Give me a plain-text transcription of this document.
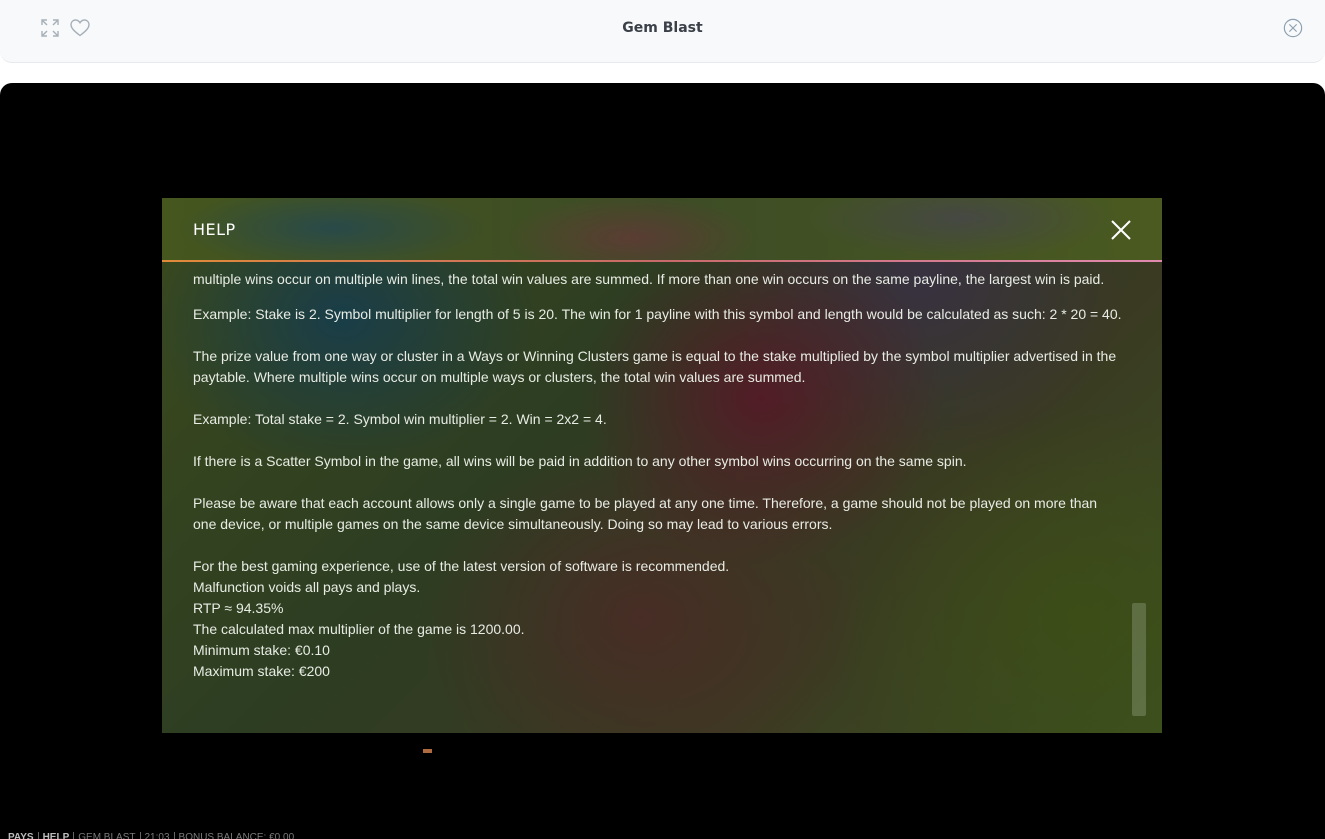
Gem Blast
HELP

multiple wins occur on multiple win lines, the total win values are summed. If more than one win occurs on the same payline, the largest win is paid.

Example: Stake is 2. Symbol multiplier for length of 5 is 20. The win for 1 payline with this symbol and length would be calculated as such: 2 * 20 = 40.

The prize value from one way or cluster in a Ways or Winning Clusters game is equal to the stake multiplied by the symbol multiplier advertised in the paytable. Where multiple wins occur on multiple ways or clusters, the total win values are summed.

Example: Total stake = 2. Symbol win multiplier = 2. Win = 2x2 = 4.

If there is a Scatter Symbol in the game, all wins will be paid in addition to any other symbol wins occurring on the same spin.

Please be aware that each account allows only a single game to be played at any one time. Therefore, a game should not be played on more than one device, or multiple games on the same device simultaneously. Doing so may lead to various errors.

For the best gaming experience, use of the latest version of software is recommended.
Malfunction voids all pays and plays.
RTP ≈ 94.35%
The calculated max multiplier of the game is 1200.00.
Minimum stake: €0.10
Maximum stake: €200
PAYS HELP GEM BLAST 21:03 BONUS BALANCE: €0.00
